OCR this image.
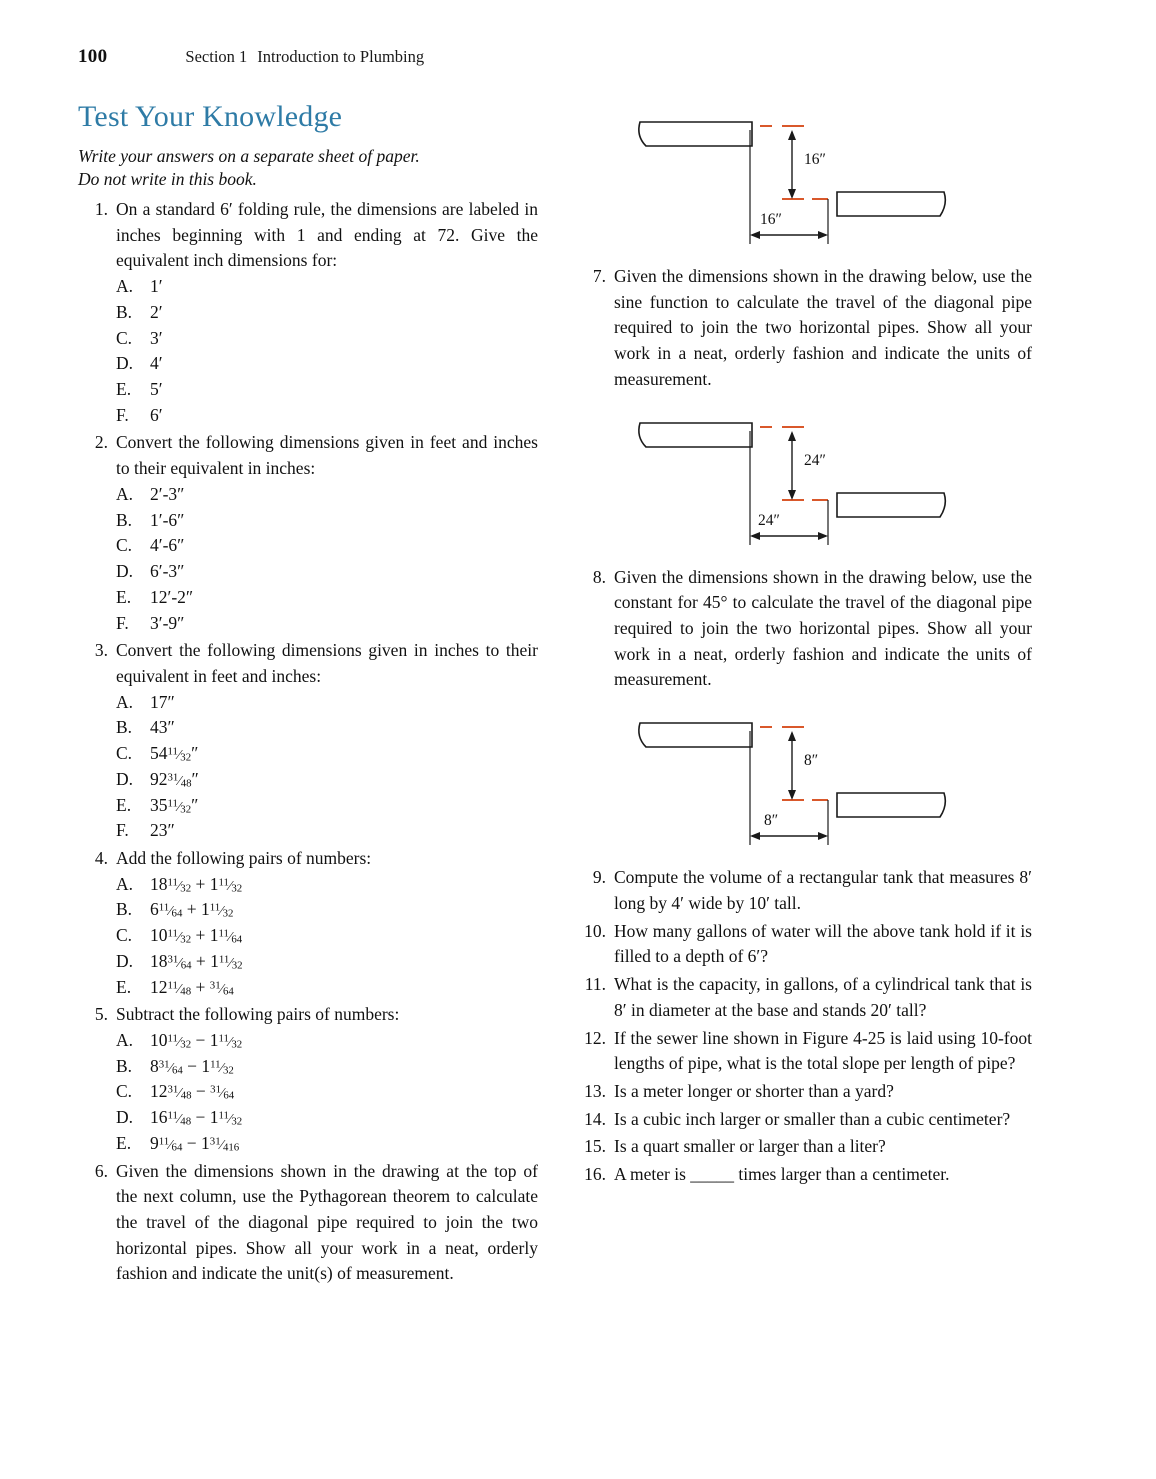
100	Section 1 Introduction to Plumbing
Test Your Knowledge

Write your answers on a separate sheet of paper.

Do not write in this book.

1. On a standard 6′ folding rule, the dimensions are labeled in inches beginning with 1 and ending at 72. Give the equivalent inch dimensions for:
A. 1′
B.	2′
C.	3′
D. 4′
E.	5′
F.	6′
2. Convert the following dimensions given in feet and inches to their equivalent in inches:
A. 2′-3″
B.	1′-6″
C.	4′-6″
D. 6′-3″
E.	12′-2″
F.	3′-9″
3. Convert the following dimensions given in inches to their equivalent in feet and inches:
A. 17″
B.	43″
C.	$54^{11}⁄_{32}''$
D. $92^{31}⁄_{48}''$
E.	$35^{11}⁄_{32}''$
F.	23″
4. Add the following pairs of numbers:
A. $18^{11}⁄_{32}$ + $1^{11}⁄_{32}$
B.	$6^{11}⁄_{64}$ + $1^{11}⁄_{32}$
C.	$10^{11}⁄_{32}$ + $1^{11}⁄_{64}$
D. $18^{31}⁄_{64}$ + $1^{11}⁄_{32}$
E.	$12^{11}⁄_{48}$ + $^{31}⁄_{64}$
5. Subtract the following pairs of numbers:
A. $10^{11}⁄_{32}$ − $1^{11}⁄_{32}$
B.	$8^{31}⁄_{64}$ − $1^{11}⁄_{32}$
C.	$12^{31}⁄_{48}$ − $^{31}⁄_{64}$
D. $16^{11}⁄_{48}$ − $1^{11}⁄_{32}$
E.	$9^{11}⁄_{64}$ − $1^{31}⁄_{416}$
6. Given the dimensions shown in the drawing at the top of the next column, use the Pythagorean theorem to calculate the travel of the diagonal pipe required to join the two horizontal pipes. Show all your work in a neat, orderly fashion and indicate the unit(s) of measurement.
16″
16″
7. Given the dimensions shown in the drawing below, use the sine function to calculate the travel of the diagonal pipe required to join the two horizontal pipes. Show all your work in a neat, orderly fashion and indicate the units of measurement.
24″
24″
8. Given the dimensions shown in the drawing below, use the constant for 45° to calculate the travel of the diagonal pipe required to join the two horizontal pipes. Show all your work in a neat, orderly fashion and indicate the units of measurement.
8″
8″
9. Compute the volume of a rectangular tank that measures 8′ long by 4′ wide by 10′ tall.
10. How many gallons of water will the above tank hold if it is filled to a depth of 6′?
11. What is the capacity, in gallons, of a cylindrical tank that is 8′ in diameter at the base and stands 20′ tall?
12. If the sewer line shown in Figure 4-25 is laid using 10-foot lengths of pipe, what is the total slope per length of pipe?
13. Is a meter longer or shorter than a yard?
14. Is a cubic inch larger or smaller than a cubic centimeter?
15. Is a quart smaller or larger than a liter?
16. A meter is _____ times larger than a centimeter.
